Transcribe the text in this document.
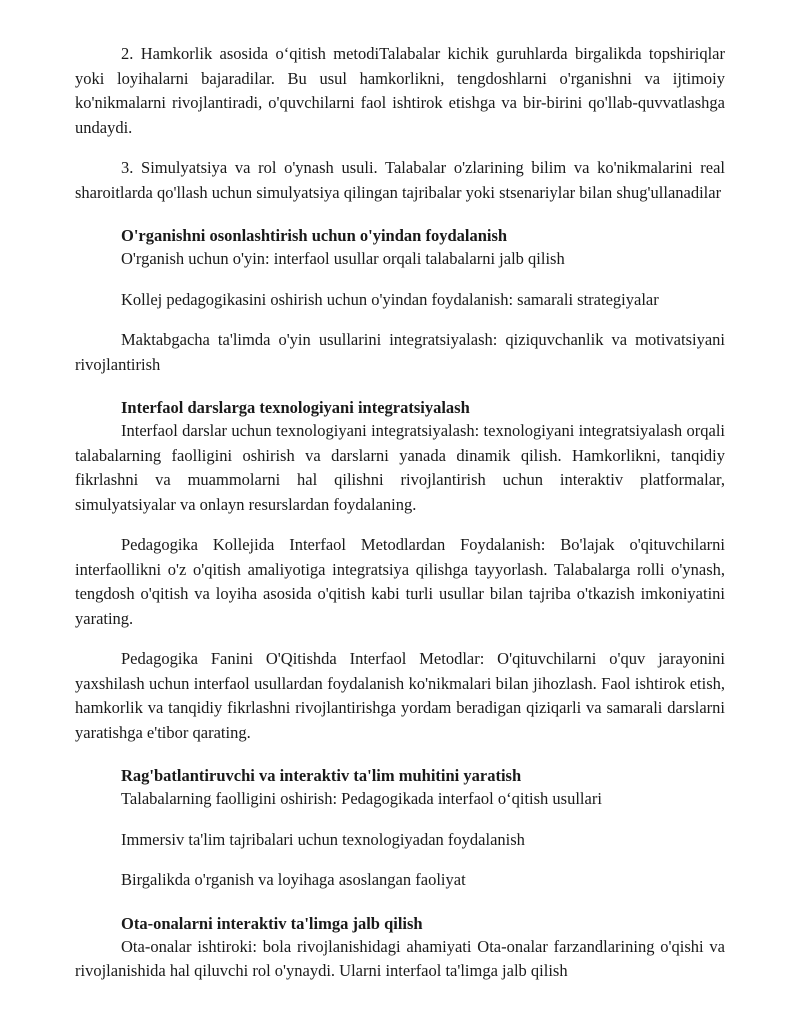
2. Hamkorlik asosida o‘qitish metodiTalabalar kichik guruhlarda birgalikda topshiriqlar yoki loyihalarni bajaradilar. Bu usul hamkorlikni, tengdoshlarni o'rganishni va ijtimoiy ko'nikmalarni rivojlantiradi, o'quvchilarni faol ishtirok etishga va bir-birini qo'llab-quvvatlashga undaydi.

3. Simulyatsiya va rol o'ynash usuli. Talabalar o'zlarining bilim va ko'nikmalarini real sharoitlarda qo'llash uchun simulyatsiya qilingan tajribalar yoki stsenariylar bilan shug'ullanadilar

O'rganishni osonlashtirish uchun o'yindan foydalanish

O'rganish uchun o'yin: interfaol usullar orqali talabalarni jalb qilish

Kollej pedagogikasini oshirish uchun o'yindan foydalanish: samarali strategiyalar

Maktabgacha ta'limda o'yin usullarini integratsiyalash: qiziquvchanlik va motivatsiyani rivojlantirish

Interfaol darslarga texnologiyani integratsiyalash

Interfaol darslar uchun texnologiyani integratsiyalash: texnologiyani integratsiyalash orqali talabalarning faolligini oshirish va darslarni yanada dinamik qilish. Hamkorlikni, tanqidiy fikrlashni va muammolarni hal qilishni rivojlantirish uchun interaktiv platformalar, simulyatsiyalar va onlayn resurslardan foydalaning.

Pedagogika Kollejida Interfaol Metodlardan Foydalanish: Bo'lajak o'qituvchilarni interfaollikni o'z o'qitish amaliyotiga integratsiya qilishga tayyorlash. Talabalarga rolli o'ynash, tengdosh o'qitish va loyiha asosida o'qitish kabi turli usullar bilan tajriba o'tkazish imkoniyatini yarating.

Pedagogika Fanini O'Qitishda Interfaol Metodlar: O'qituvchilarni o'quv jarayonini yaxshilash uchun interfaol usullardan foydalanish ko'nikmalari bilan jihozlash. Faol ishtirok etish, hamkorlik va tanqidiy fikrlashni rivojlantirishga yordam beradigan qiziqarli va samarali darslarni yaratishga e'tibor qarating.

Rag'batlantiruvchi va interaktiv ta'lim muhitini yaratish

Talabalarning faolligini oshirish: Pedagogikada interfaol o‘qitish usullari

Immersiv ta'lim tajribalari uchun texnologiyadan foydalanish

Birgalikda o'rganish va loyihaga asoslangan faoliyat

Ota-onalarni interaktiv ta'limga jalb qilish

Ota-onalar ishtiroki: bola rivojlanishidagi ahamiyati Ota-onalar farzandlarining o'qishi va rivojlanishida hal qiluvchi rol o'ynaydi. Ularni interfaol ta'limga jalb qilish
